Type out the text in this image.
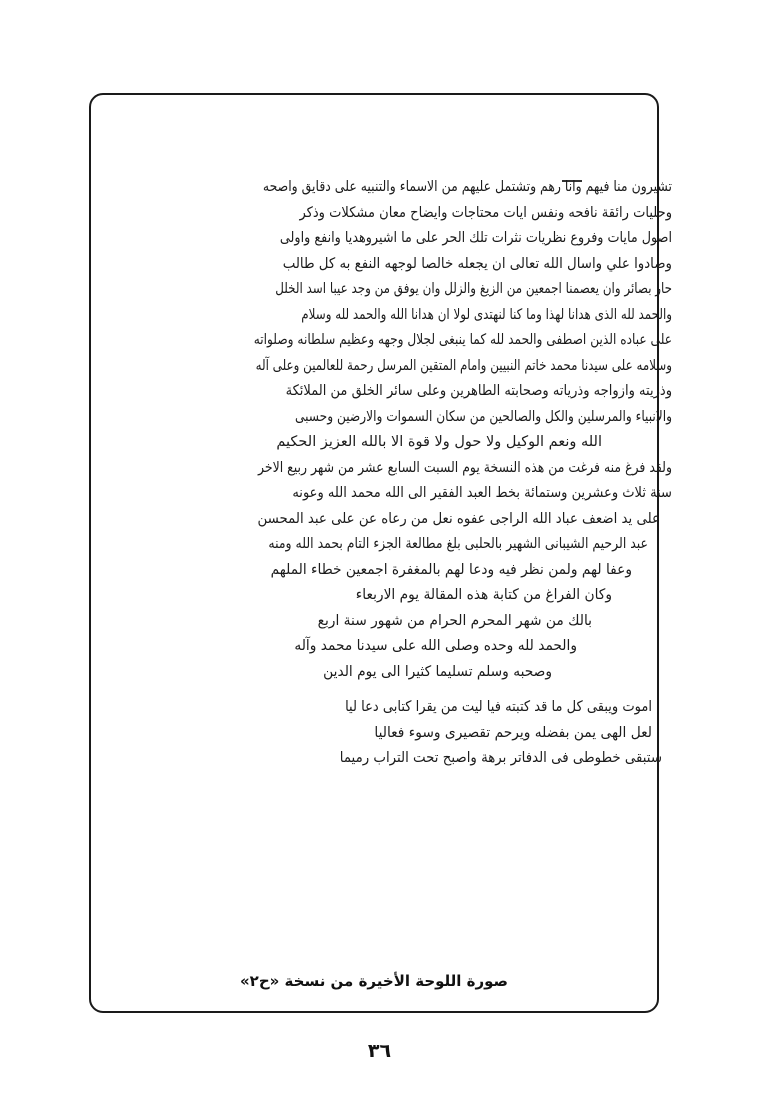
تشيرون منا فيهم وانا رهم وتشتمل عليهم من الاسماء والتنبيه على دقايق واصحه
وحليات رائقة نافحه ونفس ايات محتاجات وايضاح معان مشكلات وذكر
اصول مايات وفروع نظريات نثرات تلك الحر على ما اشيروهديا وانفع واولى
وصادوا علي واسال الله تعالى ان يجعله خالصا لوجهه النفع به كل طالب
حار بصائر وان يعصمنا اجمعين من الزيغ والزلل وان يوفق من وجد عيبا اسد الخلل
والحمد لله الذى هدانا لهذا وما كنا لنهتدى لولا ان هدانا الله والحمد لله وسلام
على عباده الذين اصطفى والحمد لله كما ينبغى لجلال وجهه وعظيم سلطانه وصلواته
وسلامه على سيدنا محمد خاتم النبيين وامام المتقين المرسل رحمة للعالمين وعلى آله
وذريته وازواجه وذرياته وصحابته الطاهرين وعلى سائر الخلق من الملائكة
والانبياء والمرسلين والكل والصالحين من سكان السموات والارضين وحسبى
الله ونعم الوكيل ولا حول ولا قوة الا بالله العزيز الحكيم
ولقد فرغ منه فرغت من هذه النسخة يوم السبت السابع عشر من شهر ربيع الاخر
سنة ثلاث وعشرين وستمائة بخط العبد الفقير الى الله محمد الله وعونه
على يد اضعف عباد الله الراجى عفوه نعل من رعاه عن على عبد المحسن
عبد الرحيم الشيبانى الشهير بالحلبى بلغ مطالعة الجزء التام بحمد الله ومنه
وعفا لهم ولمن نظر فيه ودعا لهم بالمغفرة اجمعين خطاء الملهم
وكان الفراغ من كتابة هذه المقالة يوم الاربعاء
بالك من شهر المحرم الحرام من شهور سنة اربع
والحمد لله وحده وصلى الله على سيدنا محمد وآله
وصحبه وسلم تسليما كثيرا الى يوم الدين
اموت ويبقى كل ما قد كتبته فيا ليت من يقرا كتابى دعا ليا
لعل الهى يمن بفضله ويرحم تقصيرى وسوء فعاليا
ستبقى خطوطى فى الدفاتر برهة واصبح تحت التراب رميما
صورة اللوحة الأخيرة من نسخة «ح٢»
٣٦
